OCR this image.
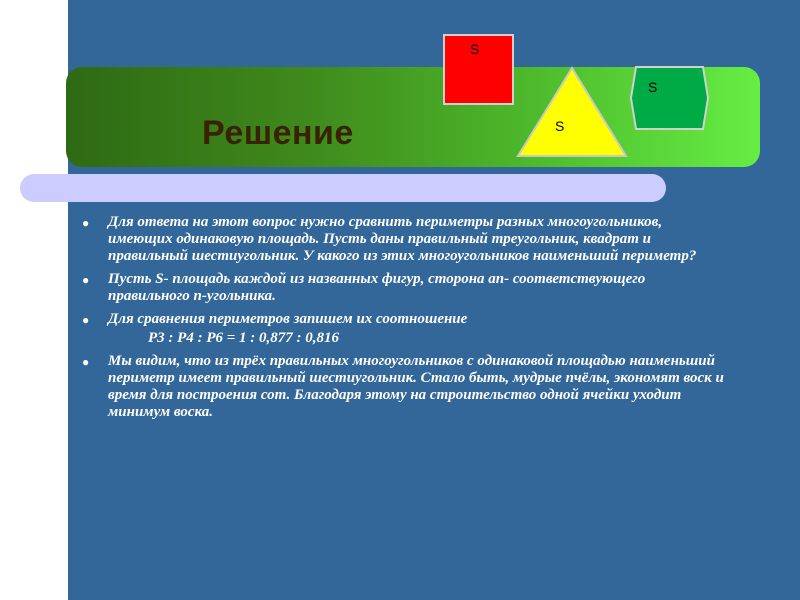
Решение
S
S
S
● Для ответа на этот вопрос нужно сравнить периметры разных многоугольников, имеющих одинаковую площадь. Пусть даны правильный треугольник, квадрат и правильный шестиугольник. У какого из этих многоугольников наименьший периметр?
● Пусть S- площадь каждой из названных фигур, сторона ап- соответствующего правильного п-угольника.
● Для сравнения периметров запишем их соотношение
Р3 : Р4 : Р6 = 1 : 0,877 : 0,816
● Мы видим, что из трёх правильных многоугольников с одинаковой площадью наименьший периметр имеет правильный шестиугольник. Стало быть, мудрые пчёлы, экономят воск и время для построения сот. Благодаря этому на строительство одной ячейки уходит минимум воска.
